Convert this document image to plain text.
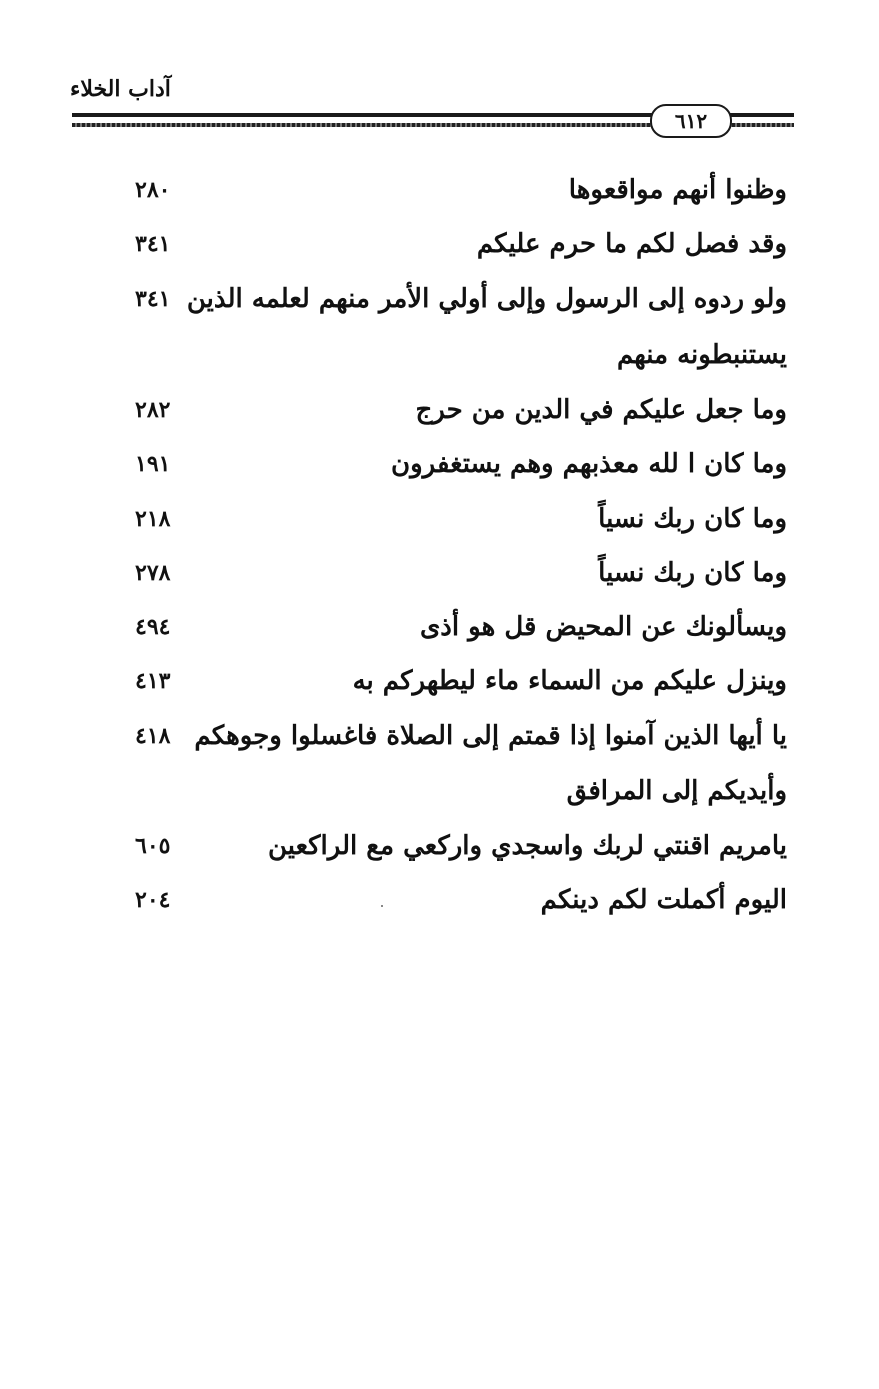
آداب الخلاء
٦١٢
وظنوا أنهم مواقعوها
٢٨٠
وقد فصل لكم ما حرم عليكم
٣٤١
ولو ردوه إلى الرسول وإلى أولي الأمر منهم لعلمه الذين
٣٤١
يستنبطونه منهم
وما جعل عليكم في الدين من حرج
٢٨٢
وما كان ا لله معذبهم وهم يستغفرون
١٩١
وما كان ربك نسياً
٢١٨
وما كان ربك نسياً
٢٧٨
ويسألونك عن المحيض قل هو أذى
٤٩٤
وينزل عليكم من السماء ماء ليطهركم به
٤١٣
يا أيها الذين آمنوا إذا قمتم إلى الصلاة فاغسلوا وجوهكم
٤١٨
وأيديكم إلى المرافق
يامريم اقنتي لربك واسجدي واركعي مع الراكعين
٦٠٥
اليوم أكملت لكم دينكم
٢٠٤
